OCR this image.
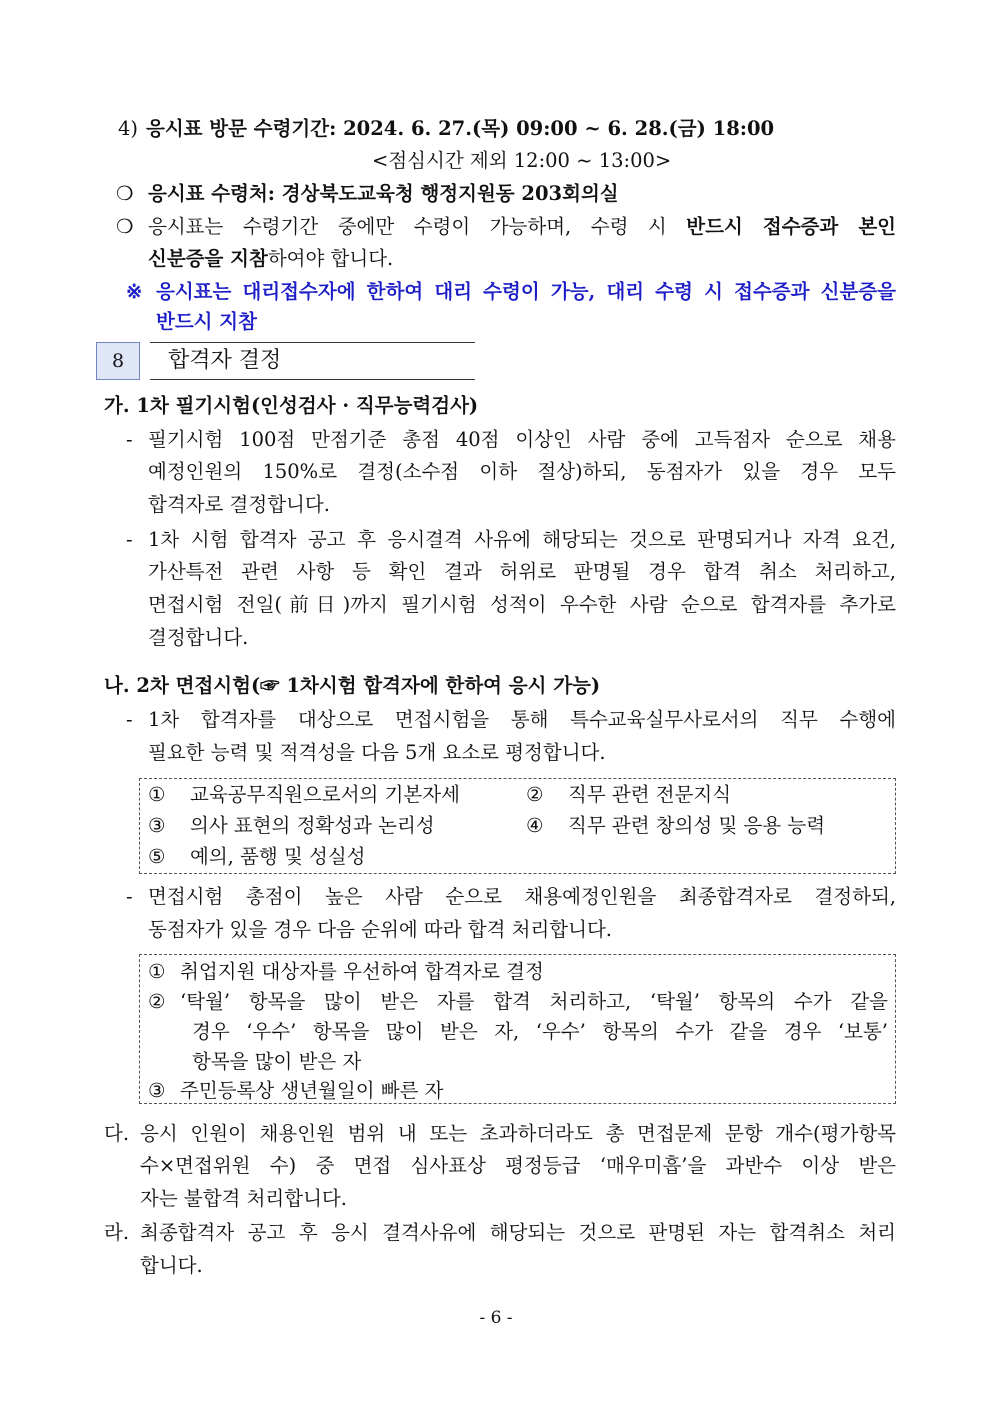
4) 응시표 방문 수령기간: 2024. 6. 27.(목) 09:00 ~ 6. 28.(금) 18:00
<점심시간 제외 12:00 ~ 13:00>
❍ 응시표 수령처: 경상북도교육청 행정지원동 203회의실
❍ 응시표는 수령기간 중에만 수령이 가능하며, 수령 시 반드시 접수증과 본인
신분증을 지참하여야 합니다.
※ 응시표는 대리접수자에 한하여 대리 수령이 가능, 대리 수령 시 접수증과 신분증을
반드시 지참
8	합격자 결정
가. 1차 필기시험(인성검사 · 직무능력검사)
- 필기시험 100점 만점기준 총점 40점 이상인 사람 중에 고득점자 순으로 채용
예정인원의 150%로 결정(소수점 이하 절상)하되, 동점자가 있을 경우 모두
합격자로 결정합니다.
- 1차 시험 합격자 공고 후 응시결격 사유에 해당되는 것으로 판명되거나 자격 요건,
가산특전 관련 사항 등 확인 결과 허위로 판명될 경우 합격 취소 처리하고,
면접시험 전일(前日)까지 필기시험 성적이 우수한 사람 순으로 합격자를 추가로
결정합니다.
나. 2차 면접시험(☞ 1차시험 합격자에 한하여 응시 가능)
- 1차 합격자를 대상으로 면접시험을 통해 특수교육실무사로서의 직무 수행에
필요한 능력 및 적격성을 다음 5개 요소로 평정합니다.
① 교육공무직원으로서의 기본자세	② 직무 관련 전문지식
③ 의사 표현의 정확성과 논리성	④ 직무 관련 창의성 및 응용 능력
⑤ 예의, 품행 및 성실성
- 면접시험 총점이 높은 사람 순으로 채용예정인원을 최종합격자로 결정하되,
동점자가 있을 경우 다음 순위에 따라 합격 처리합니다.
① 취업지원 대상자를 우선하여 합격자로 결정
② ‘탁월’ 항목을 많이 받은 자를 합격 처리하고, ‘탁월’ 항목의 수가 같을
경우 ‘우수’ 항목을 많이 받은 자, ‘우수’ 항목의 수가 같을 경우 ‘보통’
항목을 많이 받은 자
③ 주민등록상 생년월일이 빠른 자
다. 응시 인원이 채용인원 범위 내 또는 초과하더라도 총 면접문제 문항 개수(평가항목
수×면접위원 수) 중 면접 심사표상 평정등급 ‘매우미흡’을 과반수 이상 받은
자는 불합격 처리합니다.
라. 최종합격자 공고 후 응시 결격사유에 해당되는 것으로 판명된 자는 합격취소 처리
합니다.
- 6 -
